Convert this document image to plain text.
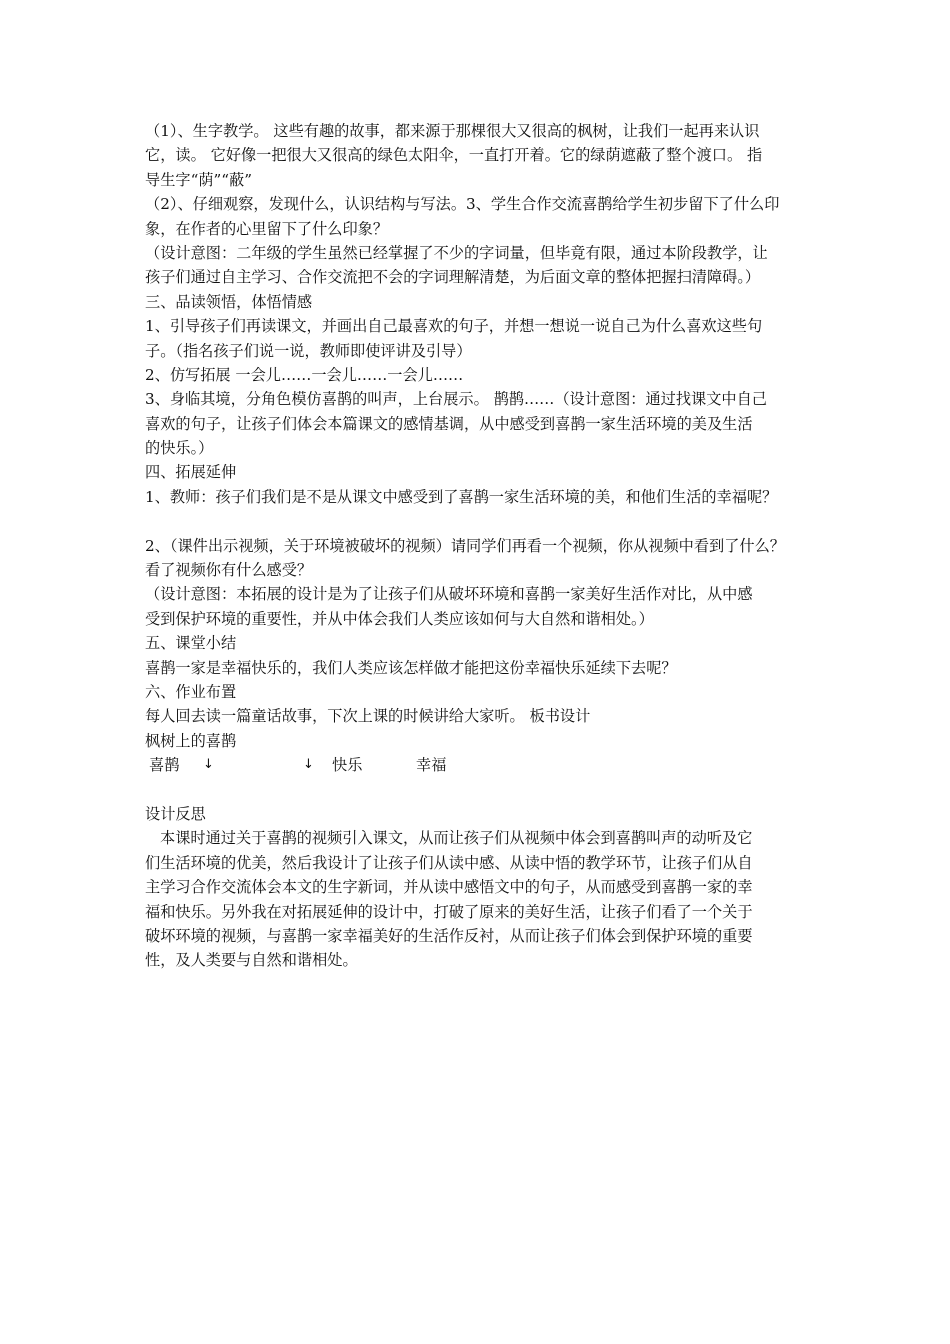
（1）、生字教学。 这些有趣的故事，都来源于那棵很大又很高的枫树，让我们一起再来认识
它，读。 它好像一把很大又很高的绿色太阳伞，一直打开着。它的绿荫遮蔽了整个渡口。 指
导生字“荫”“蔽”
（2）、仔细观察，发现什么，认识结构与写法。3、学生合作交流喜鹊给学生初步留下了什么印
象，在作者的心里留下了什么印象？
（设计意图：二年级的学生虽然已经掌握了不少的字词量，但毕竟有限，通过本阶段教学，让
孩子们通过自主学习、合作交流把不会的字词理解清楚，为后面文章的整体把握扫清障碍。）
三、品读领悟，体悟情感
1、引导孩子们再读课文，并画出自己最喜欢的句子，并想一想说一说自己为什么喜欢这些句
子。（指名孩子们说一说，教师即使评讲及引导）
2、仿写拓展 一会儿……一会儿……一会儿……
3、身临其境，分角色模仿喜鹊的叫声，上台展示。 鹊鹊……（设计意图：通过找课文中自己
喜欢的句子，让孩子们体会本篇课文的感情基调，从中感受到喜鹊一家生活环境的美及生活
的快乐。）
四、拓展延伸
1、教师：孩子们我们是不是从课文中感受到了喜鹊一家生活环境的美，和他们生活的幸福呢？
2、（课件出示视频，关于环境被破坏的视频）请同学们再看一个视频，你从视频中看到了什么？
看了视频你有什么感受？
（设计意图：本拓展的设计是为了让孩子们从破坏环境和喜鹊一家美好生活作对比，从中感
受到保护环境的重要性，并从中体会我们人类应该如何与大自然和谐相处。）
五、课堂小结
喜鹊一家是幸福快乐的，我们人类应该怎样做才能把这份幸福快乐延续下去呢？
六、作业布置
每人回去读一篇童话故事，下次上课的时候讲给大家听。 板书设计
枫树上的喜鹊
喜鹊 ↓	↓ 快乐	幸福
设计反思
本课时通过关于喜鹊的视频引入课文，从而让孩子们从视频中体会到喜鹊叫声的动听及它
们生活环境的优美，然后我设计了让孩子们从读中感、从读中悟的教学环节，让孩子们从自
主学习合作交流体会本文的生字新词，并从读中感悟文中的句子，从而感受到喜鹊一家的幸
福和快乐。另外我在对拓展延伸的设计中，打破了原来的美好生活，让孩子们看了一个关于
破坏环境的视频，与喜鹊一家幸福美好的生活作反衬，从而让孩子们体会到保护环境的重要
性，及人类要与自然和谐相处。
